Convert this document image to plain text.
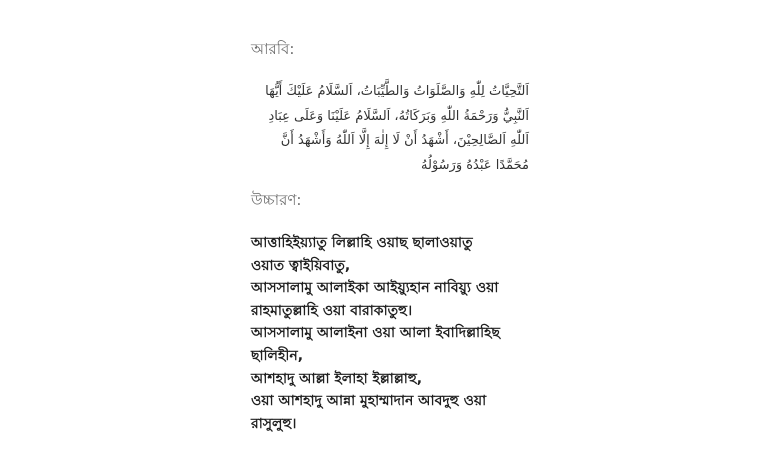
আরবি:

اَلتَّحِيَّاتُ لِلّٰهِ وَالصَّلَوَاتُ وَالطَّيِّبَاتُ، اَلسَّلَامُ عَلَيْكَ أَيُّهَا
اَلنَّبِيُّ وَرَحْمَةُ اللّٰهِ وَبَرَكَاتُهُ، اَلسَّلَامُ عَلَيْنَا وَعَلَى عِبَادِ
اَللّٰهِ اَلصَّالِحِيْنَ، أَشْهَدُ أَنْ لَا إِلٰهَ إِلَّا اَللّٰهُ وَأَشْهَدُ أَنَّ
مُحَمَّدًا عَبْدُهُ وَرَسُوْلُهُ

উচ্চারণ:

আত্তাহিইয়্যাতু লিল্লাহি ওয়াছ ছালাওয়াতু
ওয়াত ত্বাইয়িবাতু,
আসসালামু আলাইকা আইয়্যুহান নাবিয়্যু ওয়া
রাহমাতুল্লাহি ওয়া বারাকাতুহু।
আসসালামু আলাইনা ওয়া আলা ইবাদিল্লাহিছ
ছালিহীন,
আশহাদু আল্লা ইলাহা ইল্লাল্লাহু,
ওয়া আশহাদু আন্না মুহাম্মাদান আবদুহু ওয়া
রাসুলুহু।
